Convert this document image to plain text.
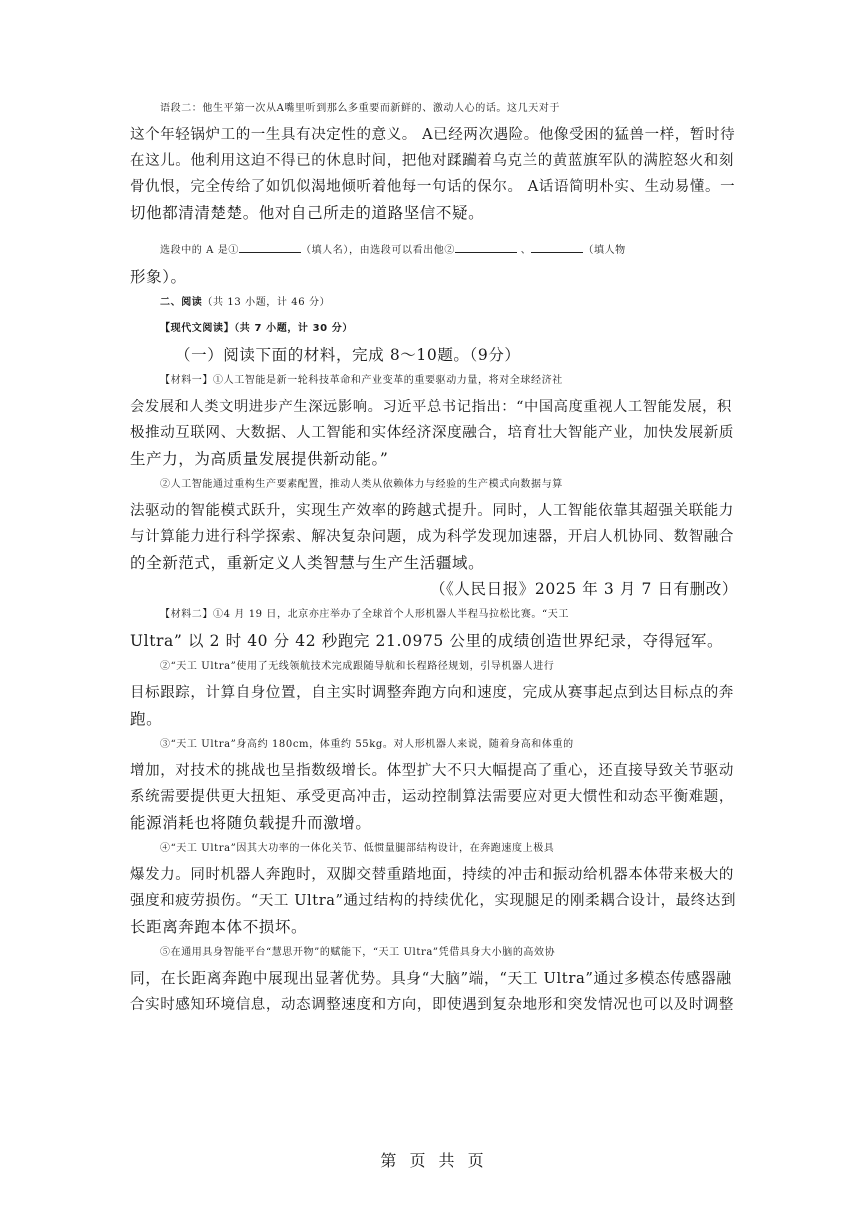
语段二：他生平第一次从A嘴里听到那么多重要而新鲜的、激动人心的话。这几天对于
这个年轻锅炉工的一生具有决定性的意义。 A已经两次遇险。他像受困的猛兽一样，暂时待
在这儿。他利用这迫不得已的休息时间，把他对蹂躏着乌克兰的黄蓝旗军队的满腔怒火和刻
骨仇恨，完全传给了如饥似渴地倾听着他每一句话的保尔。 A话语简明朴实、生动易懂。一
切他都清清楚楚。他对自己所走的道路坚信不疑。
选段中的 A 是①	（填人名），由选段可以看出他②	、	（填人物
形象）。
二、阅读（共 13 小题，计 46 分）
【现代文阅读】（共 7 小题，计 30 分）
（一）阅读下面的材料，完成 8～10题。（9分）
【材料一】①人工智能是新一轮科技革命和产业变革的重要驱动力量，将对全球经济社
会发展和人类文明进步产生深远影响。习近平总书记指出：“中国高度重视人工智能发展，积
极推动互联网、大数据、人工智能和实体经济深度融合，培育壮大智能产业，加快发展新质
生产力，为高质量发展提供新动能。”
②人工智能通过重构生产要素配置，推动人类从依赖体力与经验的生产模式向数据与算
法驱动的智能模式跃升，实现生产效率的跨越式提升。同时，人工智能依靠其超强关联能力
与计算能力进行科学探索、解决复杂问题，成为科学发现加速器，开启人机协同、数智融合
的全新范式，重新定义人类智慧与生产生活疆域。
（《人民日报》2025 年 3 月 7 日有删改）
【材料二】①4 月 19 日，北京亦庄举办了全球首个人形机器人半程马拉松比赛。“天工
Ultra” 以 2 时 40 分 42 秒跑完 21.0975 公里的成绩创造世界纪录，夺得冠军。
②“天工 Ultra”使用了无线领航技术完成跟随导航和长程路径规划，引导机器人进行
目标跟踪，计算自身位置，自主实时调整奔跑方向和速度，完成从赛事起点到达目标点的奔
跑。
③“天工 Ultra”身高约 180cm，体重约 55kg。对人形机器人来说，随着身高和体重的
增加，对技术的挑战也呈指数级增长。体型扩大不只大幅提高了重心，还直接导致关节驱动
系统需要提供更大扭矩、承受更高冲击，运动控制算法需要应对更大惯性和动态平衡难题，
能源消耗也将随负载提升而激增。
④“天工 Ultra”因其大功率的一体化关节、低惯量腿部结构设计，在奔跑速度上极具
爆发力。同时机器人奔跑时，双脚交替重踏地面，持续的冲击和振动给机器本体带来极大的
强度和疲劳损伤。“天工 Ultra”通过结构的持续优化，实现腿足的刚柔耦合设计，最终达到
长距离奔跑本体不损坏。
⑤在通用具身智能平台“慧思开物”的赋能下，“天工 Ultra”凭借具身大小脑的高效协
同，在长距离奔跑中展现出显著优势。具身“大脑”端，“天工 Ultra”通过多模态传感器融
合实时感知环境信息，动态调整速度和方向，即使遇到复杂地形和突发情况也可以及时调整
第 页 共 页
